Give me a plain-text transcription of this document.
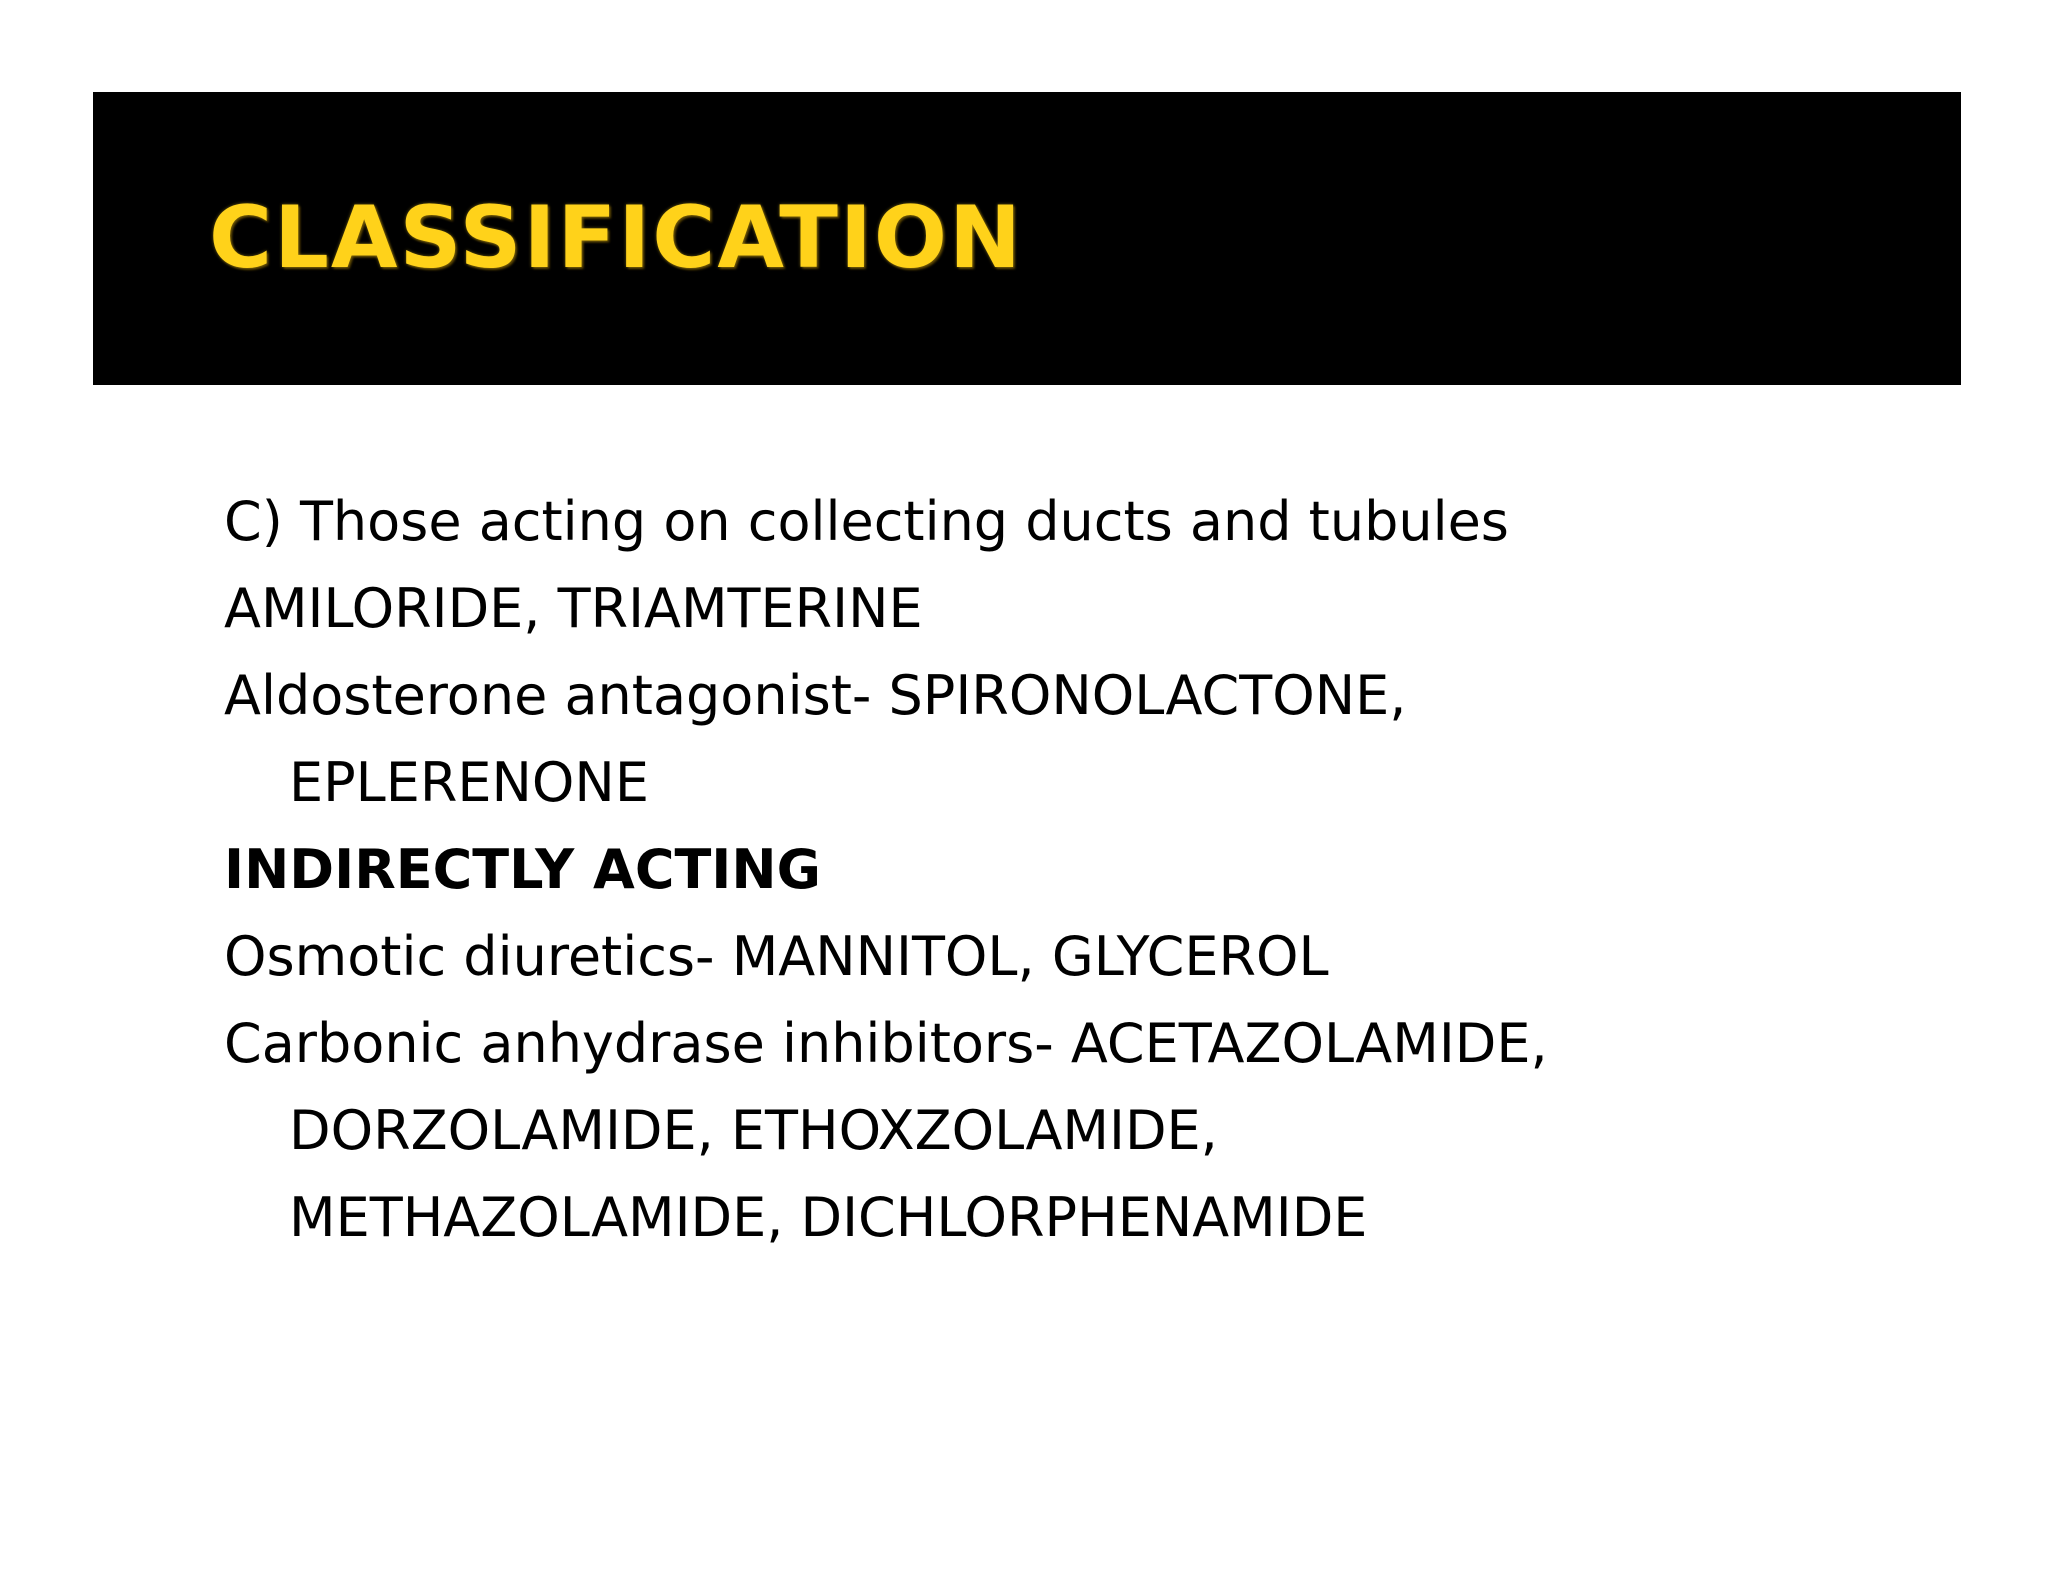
CLASSIFICATION

C) Those acting on collecting ducts and tubules

AMILORIDE, TRIAMTERINE

Aldosterone antagonist- SPIRONOLACTONE,

EPLERENONE

INDIRECTLY ACTING

Osmotic diuretics- MANNITOL, GLYCEROL

Carbonic anhydrase inhibitors- ACETAZOLAMIDE,

DORZOLAMIDE, ETHOXZOLAMIDE,

METHAZOLAMIDE, DICHLORPHENAMIDE
